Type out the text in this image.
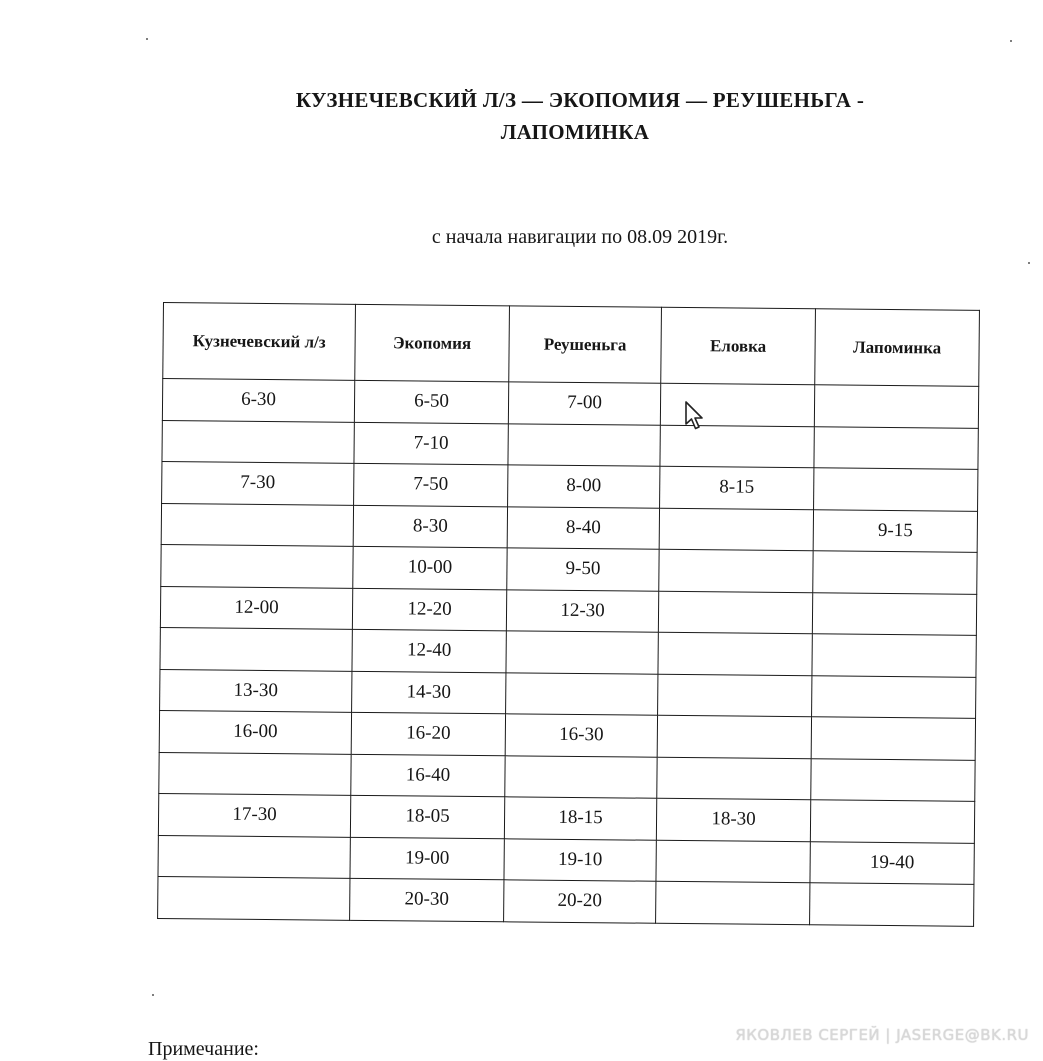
КУЗНЕЧЕВСКИЙ Л/З — ЭКОПОМИЯ — РЕУШЕНЬГА -
ЛАПОМИНКА
с начала навигации по 08.09 2019г.
Кузнечевский л/з	Экопомия	Реушеньга	Еловка	Лапоминка
6-30	6-50	7-00		
	7-10			
7-30	7-50	8-00	8-15	
	8-30	8-40		9-15
	10-00	9-50		
12-00	12-20	12-30		
	12-40			
13-30	14-30			
16-00	16-20	16-30		
	16-40			
17-30	18-05	18-15	18-30	
	19-00	19-10		19-40
	20-30	20-20		
Примечание:
ЯКОВЛЕВ СЕРГЕЙ | JASERGE@BK.RU
